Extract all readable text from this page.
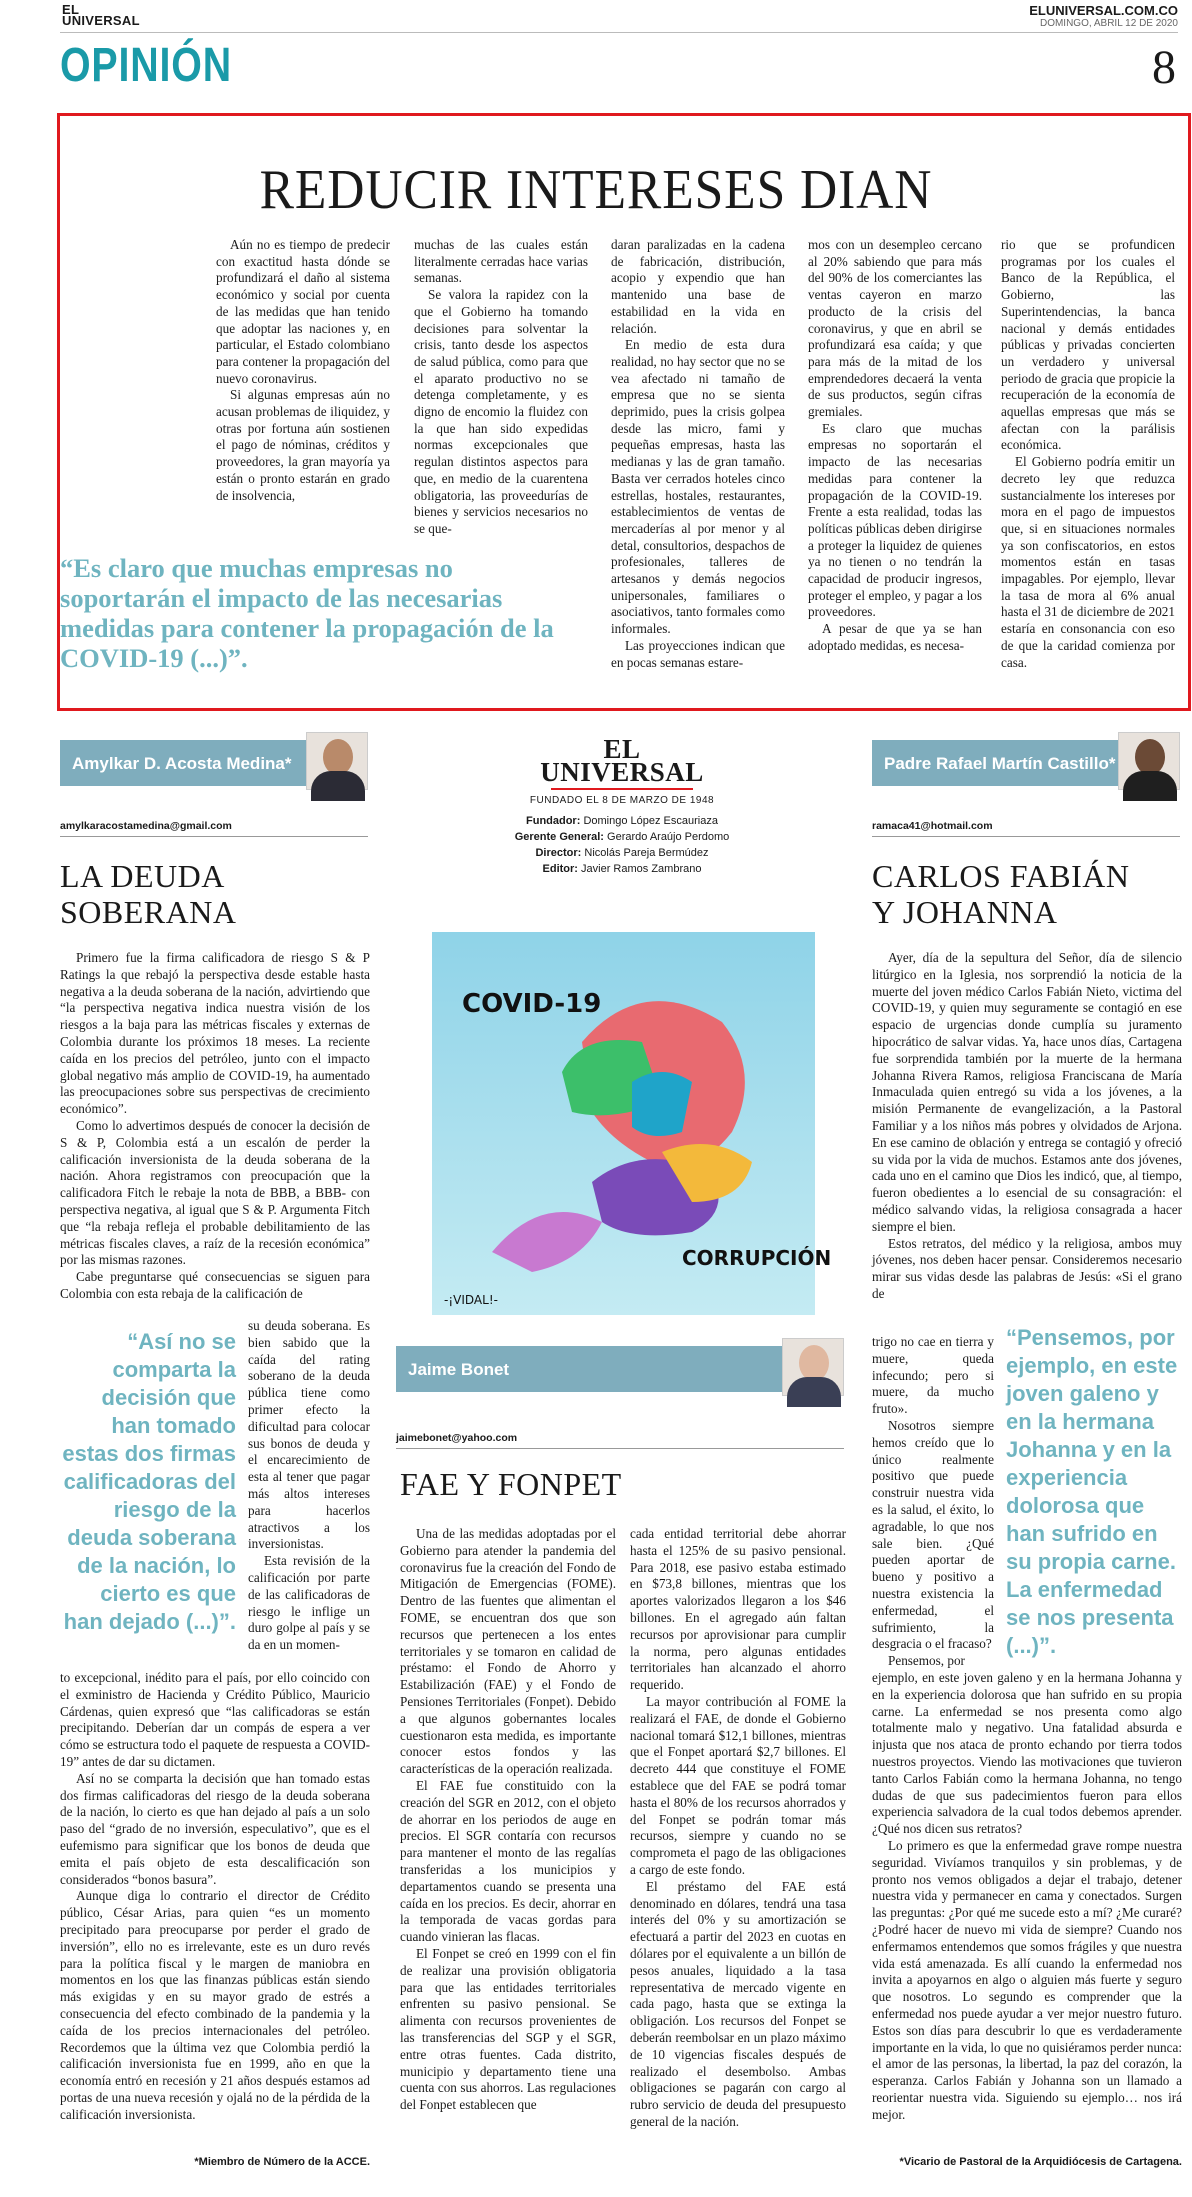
EL
UNIVERSAL
ELUNIVERSAL.COM.CO
DOMINGO, ABRIL 12 DE 2020
OPINIÓN	8
REDUCIR INTERESES DIAN

Aún no es tiempo de predecir con exactitud hasta dónde se profundizará el daño al sistema económico y social por cuenta de las medidas que han tenido que adoptar las naciones y, en particular, el Estado colombiano para contener la propagación del nuevo coronavirus.

Si algunas empresas aún no acusan problemas de iliquidez, y otras por fortuna aún sostienen el pago de nóminas, créditos y proveedores, la gran mayoría ya están o pronto estarán en grado de insolvencia,

muchas de las cuales están literalmente cerradas hace varias semanas.

Se valora la rapidez con la que el Gobierno ha tomando decisiones para solventar la crisis, tanto desde los aspectos de salud pública, como para que el aparato productivo no se detenga completamente, y es digno de encomio la fluidez con la que han sido expedidas normas excepcionales que regulan distintos aspectos para que, en medio de la cuarentena obligatoria, las proveedurías de bienes y servicios necesarios no se que-

daran paralizadas en la cadena de fabricación, distribución, acopio y expendio que han mantenido una base de estabilidad en la vida en relación.

En medio de esta dura realidad, no hay sector que no se vea afectado ni tamaño de empresa que no se sienta deprimido, pues la crisis golpea desde las micro, fami y pequeñas empresas, hasta las medianas y las de gran tamaño. Basta ver cerrados hoteles cinco estrellas, hostales, restaurantes, establecimientos de ventas de mercaderías al por menor y al detal, consultorios, despachos de profesionales, talleres de artesanos y demás negocios unipersonales, familiares o asociativos, tanto formales como informales.

Las proyecciones indican que en pocas semanas estare-

mos con un desempleo cercano al 20% sabiendo que para más del 90% de los comerciantes las ventas cayeron en marzo producto de la crisis del coronavirus, y que en abril se profundizará esa caída; y que para más de la mitad de los emprendedores decaerá la venta de sus productos, según cifras gremiales.

Es claro que muchas empresas no soportarán el impacto de las necesarias medidas para contener la propagación de la COVID-19. Frente a esta realidad, todas las políticas públicas deben dirigirse a proteger la liquidez de quienes ya no tienen o no tendrán la capacidad de producir ingresos, proteger el empleo, y pagar a los proveedores.

A pesar de que ya se han adoptado medidas, es necesa-

rio que se profundicen programas por los cuales el Banco de la República, el Gobierno, las Superintendencias, la banca nacional y demás entidades públicas y privadas concierten un verdadero y universal periodo de gracia que propicie la recuperación de la economía de aquellas empresas que más se afectan con la parálisis económica.

El Gobierno podría emitir un decreto ley que reduzca sustancialmente los intereses por mora en el pago de impuestos que, si en situaciones normales ya son confiscatorios, en estos momentos están en tasas impagables. Por ejemplo, llevar la tasa de mora al 6% anual hasta el 31 de diciembre de 2021 estaría en consonancia con eso de que la caridad comienza por casa.

“Es claro que muchas empresas no soportarán el impacto de las necesarias medidas para contener la propagación de la COVID-19 (...)”.
Amylkar D. Acosta Medina*
amylkaracostamedina@gmail.com
LA DEUDA
SOBERANA

Primero fue la firma calificadora de riesgo S & P Ratings la que rebajó la perspectiva desde estable hasta negativa a la deuda soberana de la nación, advirtiendo que “la perspectiva negativa indica nuestra visión de los riesgos a la baja para las métricas fiscales y externas de Colombia durante los próximos 18 meses. La reciente caída en los precios del petróleo, junto con el impacto global negativo más amplio de COVID-19, ha aumentado las preocupaciones sobre sus perspectivas de crecimiento económico”.

Como lo advertimos después de conocer la decisión de S & P, Colombia está a un escalón de perder la calificación inversionista de la deuda soberana de la nación. Ahora registramos con preocupación que la calificadora Fitch le rebaje la nota de BBB, a BBB- con perspectiva negativa, al igual que S & P. Argumenta Fitch que “la rebaja refleja el probable debilitamiento de las métricas fiscales claves, a raíz de la recesión económica” por las mismas razones.

Cabe preguntarse qué consecuencias se siguen para Colombia con esta rebaja de la calificación de

“Así no se comparta la decisión que han tomado estas dos firmas calificadoras del riesgo de la deuda soberana de la nación, lo cierto es que han dejado (...)”.

su deuda soberana. Es bien sabido que la caída del rating soberano de la deuda pública tiene como primer efecto la dificultad para colocar sus bonos de deuda y el encarecimiento de esta al tener que pagar más altos intereses para hacerlos atractivos a los inversionistas.

Esta revisión de la calificación por parte de las calificadoras de riesgo le inflige un duro golpe al país y se da en un momen-

to excepcional, inédito para el país, por ello coincido con el exministro de Hacienda y Crédito Público, Mauricio Cárdenas, quien expresó que “las calificadoras se están precipitando. Deberían dar un compás de espera a ver cómo se estructura todo el paquete de respuesta a COVID-19” antes de dar su dictamen.

Así no se comparta la decisión que han tomado estas dos firmas calificadoras del riesgo de la deuda soberana de la nación, lo cierto es que han dejado al país a un solo paso del “grado de no inversión, especulativo”, que es el eufemismo para significar que los bonos de deuda que emita el país objeto de esta descalificación son considerados “bonos basura”.

Aunque diga lo contrario el director de Crédito público, César Arias, para quien “es un momento precipitado para preocuparse por perder el grado de inversión”, ello no es irrelevante, este es un duro revés para la política fiscal y le margen de maniobra en momentos en los que las finanzas públicas están siendo más exigidas y en su mayor grado de estrés a consecuencia del efecto combinado de la pandemia y la caída de los precios internacionales del petróleo. Recordemos que la última vez que Colombia perdió la calificación inversionista fue en 1999, año en que la economía entró en recesión y 21 años después estamos ad portas de una nueva recesión y ojalá no de la pérdida de la calificación inversionista.

*Miembro de Número de la ACCE.
EL
UNIVERSAL
FUNDADO EL 8 DE MARZO DE 1948
Fundador: Domingo López Escauriaza
Gerente General: Gerardo Araújo Perdomo
Director: Nicolás Pareja Bermúdez
Editor: Javier Ramos Zambrano
COVID-19
CORRUPCIÓN
-¡VIDAL!-
Jaime Bonet
jaimebonet@yahoo.com
FAE Y FONPET

Una de las medidas adoptadas por el Gobierno para atender la pandemia del coronavirus fue la creación del Fondo de Mitigación de Emergencias (FOME). Dentro de las fuentes que alimentan el FOME, se encuentran dos que son recursos que pertenecen a los entes territoriales y se tomaron en calidad de préstamo: el Fondo de Ahorro y Estabilización (FAE) y el Fondo de Pensiones Territoriales (Fonpet). Debido a que algunos gobernantes locales cuestionaron esta medida, es importante conocer estos fondos y las características de la operación realizada.

El FAE fue constituido con la creación del SGR en 2012, con el objeto de ahorrar en los periodos de auge en precios. El SGR contaría con recursos para mantener el monto de las regalías transferidas a los municipios y departamentos cuando se presenta una caída en los precios. Es decir, ahorrar en la temporada de vacas gordas para cuando vinieran las flacas.

El Fonpet se creó en 1999 con el fin de realizar una provisión obligatoria para que las entidades territoriales enfrenten su pasivo pensional. Se alimenta con recursos provenientes de las transferencias del SGP y el SGR, entre otras fuentes. Cada distrito, municipio y departamento tiene una cuenta con sus ahorros. Las regulaciones del Fonpet establecen que

cada entidad territorial debe ahorrar hasta el 125% de su pasivo pensional. Para 2018, ese pasivo estaba estimado en $73,8 billones, mientras que los aportes valorizados llegaron a los $46 billones. En el agregado aún faltan recursos por aprovisionar para cumplir la norma, pero algunas entidades territoriales han alcanzado el ahorro requerido.

La mayor contribución al FOME la realizará el FAE, de donde el Gobierno nacional tomará $12,1 billones, mientras que el Fonpet aportará $2,7 billones. El decreto 444 que constituye el FOME establece que del FAE se podrá tomar hasta el 80% de los recursos ahorrados y del Fonpet se podrán tomar más recursos, siempre y cuando no se comprometa el pago de las obligaciones a cargo de este fondo.

El préstamo del FAE está denominado en dólares, tendrá una tasa interés del 0% y su amortización se efectuará a partir del 2023 en cuotas en dólares por el equivalente a un billón de pesos anuales, liquidado a la tasa representativa de mercado vigente en cada pago, hasta que se extinga la obligación. Los recursos del Fonpet se deberán reembolsar en un plazo máximo de 10 vigencias fiscales después de realizado el desembolso. Ambas obligaciones se pagarán con cargo al rubro servicio de deuda del presupuesto general de la nación.

Padre Rafael Martín Castillo*
ramaca41@hotmail.com
CARLOS FABIÁN
Y JOHANNA

Ayer, día de la sepultura del Señor, día de silencio litúrgico en la Iglesia, nos sorprendió la noticia de la muerte del joven médico Carlos Fabián Nieto, victima del COVID-19, y quien muy seguramente se contagió en ese espacio de urgencias donde cumplía su juramento hipocrático de salvar vidas. Ya, hace unos días, Cartagena fue sorprendida también por la muerte de la hermana Johanna Rivera Ramos, religiosa Franciscana de María Inmaculada quien entregó su vida a los jóvenes, a la misión Permanente de evangelización, a la Pastoral Familiar y a los niños más pobres y olvidados de Arjona. En ese camino de oblación y entrega se contagió y ofreció su vida por la vida de muchos. Estamos ante dos jóvenes, cada uno en el camino que Dios les indicó, que, al tiempo, fueron obedientes a lo esencial de su consagración: el médico salvando vidas, la religiosa consagrada a hacer siempre el bien.

Estos retratos, del médico y la religiosa, ambos muy jóvenes, nos deben hacer pensar. Consideremos necesario mirar sus vidas desde las palabras de Jesús: «Si el grano de

trigo no cae en tierra y muere, queda infecundo; pero si muere, da mucho fruto».

Nosotros siempre hemos creído que lo único realmente positivo que puede construir nuestra vida es la salud, el éxito, lo agradable, lo que nos sale bien. ¿Qué pueden aportar de bueno y positivo a nuestra existencia la enfermedad, el sufrimiento, la desgracia o el fracaso?

Pensemos, por

“Pensemos, por ejemplo, en este joven galeno y en la hermana Johanna y en la experiencia dolorosa que han sufrido en su propia carne. La enfermedad se nos presenta (...)”.

ejemplo, en este joven galeno y en la hermana Johanna y en la experiencia dolorosa que han sufrido en su propia carne. La enfermedad se nos presenta como algo totalmente malo y negativo. Una fatalidad absurda e injusta que nos ataca de pronto echando por tierra todos nuestros proyectos. Viendo las motivaciones que tuvieron tanto Carlos Fabián como la hermana Johanna, no tengo dudas de que sus padecimientos fueron para ellos experiencia salvadora de la cual todos debemos aprender. ¿Qué nos dicen sus retratos?

Lo primero es que la enfermedad grave rompe nuestra seguridad. Vivíamos tranquilos y sin problemas, y de pronto nos vemos obligados a dejar el trabajo, detener nuestra vida y permanecer en cama y conectados. Surgen las preguntas: ¿Por qué me sucede esto a mí? ¿Me curaré? ¿Podré hacer de nuevo mi vida de siempre? Cuando nos enfermamos entendemos que somos frágiles y que nuestra vida está amenazada. Es allí cuando la enfermedad nos invita a apoyarnos en algo o alguien más fuerte y seguro que nosotros. Lo segundo es comprender que la enfermedad nos puede ayudar a ver mejor nuestro futuro. Estos son días para descubrir lo que es verdaderamente importante en la vida, lo que no quisiéramos perder nunca: el amor de las personas, la libertad, la paz del corazón, la esperanza. Carlos Fabián y Johanna son un llamado a reorientar nuestra vida. Siguiendo su ejemplo… nos irá mejor.

*Vicario de Pastoral de la Arquidiócesis de Cartagena.
